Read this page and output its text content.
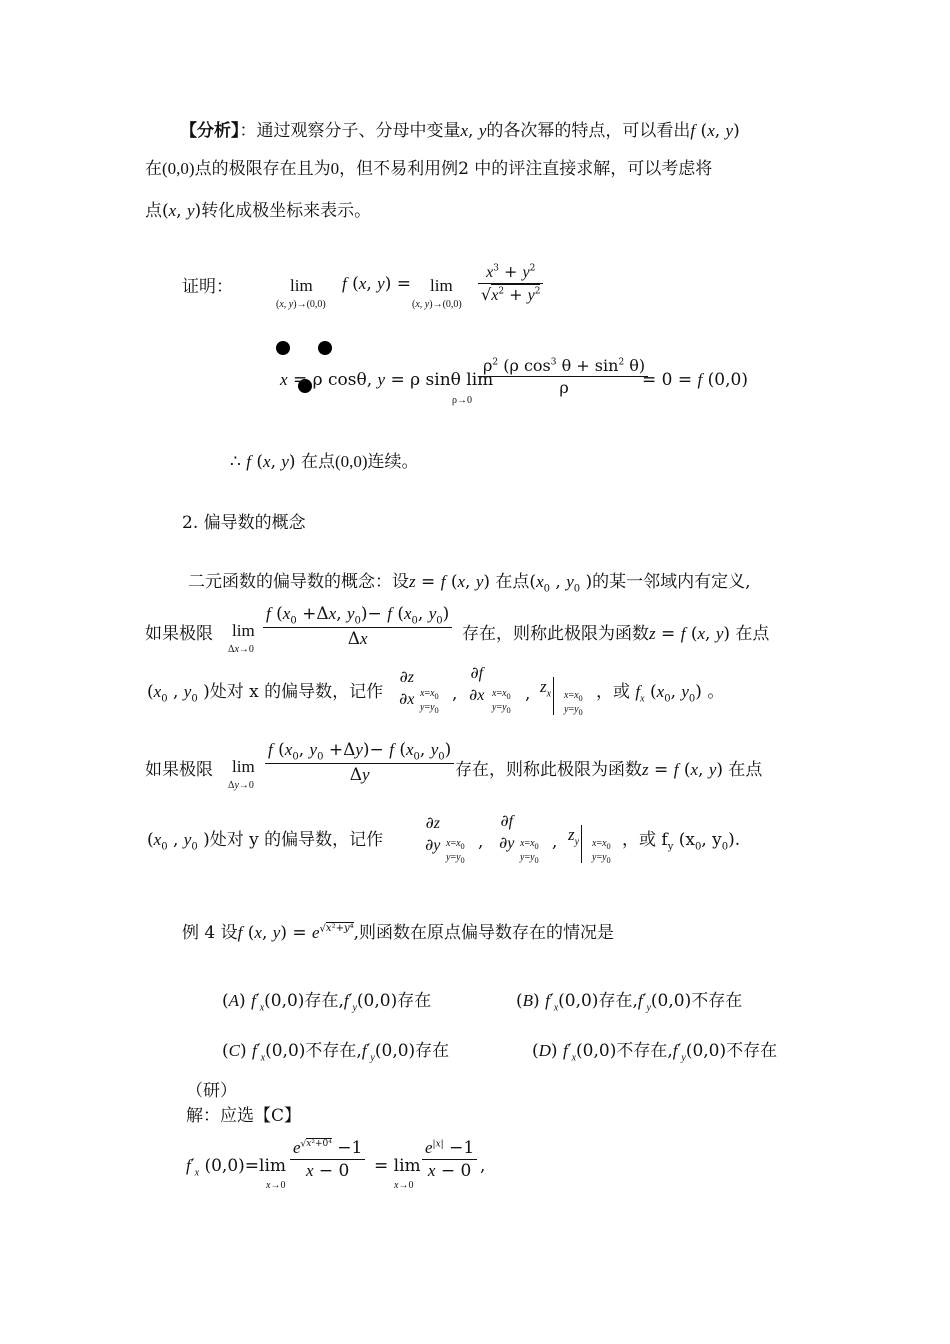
【分析】：通过观察分子、分母中变量x, y的各次幂的特点，可以看出f (x, y)
在(0,0)点的极限存在且为0，但不易利用例2 中的评注直接求解，可以考虑将
点(x, y)转化成极坐标来表示。
证明：	lim
(x, y)→(0,0)
f (x, y) = lim
(x, $y)\to(0,0) \frac{x^3 + y^2}{√x^2 + y^2}$
x = ρ cosθ, y = ρ sinθ lim
ρ→0
$\frac{\rho^2 (\rho \cos^3 \theta + \sin^2 \theta)}{\rho}$
= 0 = f (0,0)
∴ f (x, y) 在点(0,0)连续。
2. 偏导数的概念
二元函数的偏导数的概念：设z = f (x, y) 在点($x_0$ , $y_0$ )的某一邻域内有定义,
如果极限 lim
Δx→0
$\frac{f (x_0 +\Delta x, y_0)- f (x_0, y_0)}{\Delta x}$ 存在，则称此极限为函数z = f (x, y) 在点
($x_0$ , $y_0$ )处对 x 的偏导数，记作
∂z
∂x $x=x_0$
$y=y_0$
,
∂f
∂x $x=x_0$
$y=y_0$
, $z_x$	$x=x_0$
$y=y_0$
，或 $f_x$ ($x_0$, $y_0$) 。
如果极限 lim
Δy→0
$\frac{f (x_0, y_0 +\Delta y)- f (x_0, y_0)}{\Delta y}$ 存在，则称此极限为函数z = f (x, y) 在点
($x_0$ , $y_0$ )处对 y 的偏导数，记作
∂z
∂y $x=x_0$
$y=y_0$
,
∂f
∂y $x=x_0$
$y=y_0$
, $z_y$	$x=x_0$
$y=y_0$
，或 $f_y$ ($x_0$, $y_0$).
例 4 设f (x, $y) = e^{√x^2+y^4}$,则函数在原点偏导数存在的情况是
(A) $f'_x(0,0)$存在$,f'_y(0,0)$存在	(B) $f'_x(0,0)$存在$,f'_y(0,0)$不存在
(C) $f'_x(0,0)$不存在$,f'_y(0,0)$存在	(D) $f'_x(0,0)$不存在$,f'_y(0,0)$不存在
（研）
解：应选【C】
$f'_x$ (0,0)=lim
x→0
$\frac{e^{√x^2+0^4} -1}{x - 0} = \lim$
x→0
$\frac{e^{|x|} -1}{x - 0}$ ,
